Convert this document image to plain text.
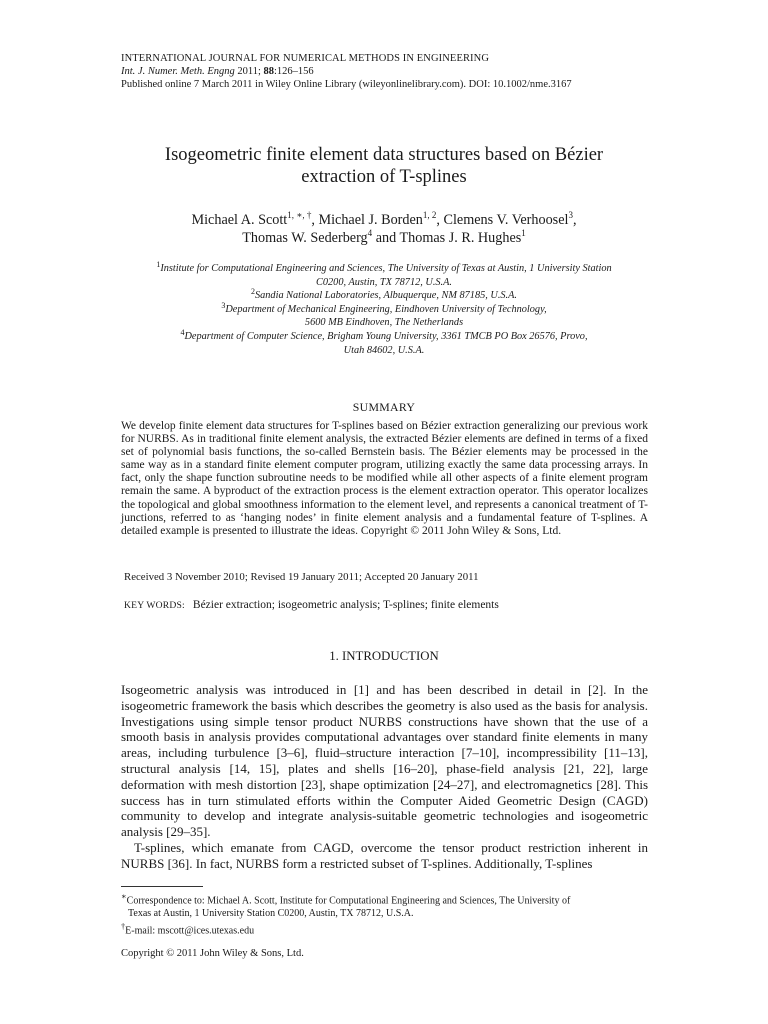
INTERNATIONAL JOURNAL FOR NUMERICAL METHODS IN ENGINEERING
Int. J. Numer. Meth. Engng 2011; 88:126–156
Published online 7 March 2011 in Wiley Online Library (wileyonlinelibrary.com). DOI: 10.1002/nme.3167
Isogeometric finite element data structures based on Bézier
extraction of T-splines
Michael A. Scott$^{1, ∗, \dagger}$, Michael J. Borden$^{1, 2}$, Clemens V. Verhoosel$^3$,
Thomas W. Sederberg$^4$ and Thomas J. R. Hughes$^1$
$^1$Institute for Computational Engineering and Sciences, The University of Texas at Austin, 1 University Station
C0200, Austin, TX 78712, U.S.A.
$^2$Sandia National Laboratories, Albuquerque, NM 87185, U.S.A.
$^3$Department of Mechanical Engineering, Eindhoven University of Technology,
5600 MB Eindhoven, The Netherlands
$^4$Department of Computer Science, Brigham Young University, 3361 TMCB PO Box 26576, Provo,
Utah 84602, U.S.A.
SUMMARY
We develop finite element data structures for T-splines based on Bézier extraction generalizing our previous work for NURBS. As in traditional finite element analysis, the extracted Bézier elements are defined in terms of a fixed set of polynomial basis functions, the so-called Bernstein basis. The Bézier elements may be processed in the same way as in a standard finite element computer program, utilizing exactly the same data processing arrays. In fact, only the shape function subroutine needs to be modified while all other aspects of a finite element program remain the same. A byproduct of the extraction process is the element extraction operator. This operator localizes the topological and global smoothness information to the element level, and represents a canonical treatment of T-junctions, referred to as ‘hanging nodes’ in finite element analysis and a fundamental feature of T-splines. A detailed example is presented to illustrate the ideas. Copyright © 2011 John Wiley & Sons, Ltd.
Received 3 November 2010; Revised 19 January 2011; Accepted 20 January 2011
KEY WORDS: Bézier extraction; isogeometric analysis; T-splines; finite elements
1. INTRODUCTION

Isogeometric analysis was introduced in [1] and has been described in detail in [2]. In the isogeometric framework the basis which describes the geometry is also used as the basis for analysis. Investigations using simple tensor product NURBS constructions have shown that the use of a smooth basis in analysis provides computational advantages over standard finite elements in many areas, including turbulence [3–6], fluid–structure interaction [7–10], incompressibility [11–13], structural analysis [14, 15], plates and shells [16–20], phase-field analysis [21, 22], large deformation with mesh distortion [23], shape optimization [24–27], and electromagnetics [28]. This success has in turn stimulated efforts within the Computer Aided Geometric Design (CAGD) community to develop and integrate analysis-suitable geometric technologies and isogeometric analysis [29–35].

T-splines, which emanate from CAGD, overcome the tensor product restriction inherent in NURBS [36]. In fact, NURBS form a restricted subset of T-splines. Additionally, T-splines

∗Correspondence to: Michael A. Scott, Institute for Computational Engineering and Sciences, The University of

Texas at Austin, 1 University Station C0200, Austin, TX 78712, U.S.A.

†E-mail: mscott@ices.utexas.edu

Copyright © 2011 John Wiley & Sons, Ltd.
